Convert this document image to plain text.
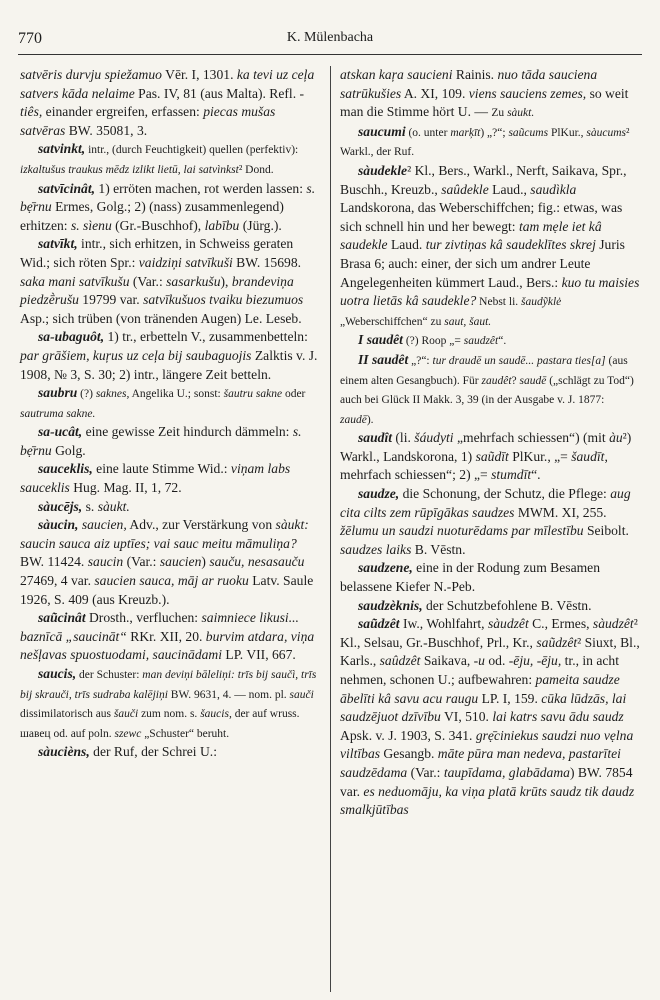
770	K. Mülenbacha

satvēris durvju spiežamuo Vēr. I, 1301. ka tevi uz ceļa satvers kāda nelaime Pas. IV, 81 (aus Malta). Refl. -tiês, einander ergreifen, erfassen: piecas mušas satvēras BW. 35081, 3.

satvinkt, intr., (durch Feuchtigkeit) quellen (perfektiv): izkaltušus traukus mēdz izlikt lietū, lai satvìnkst² Dond.

satvīcinât, 1) erröten machen, rot werden lassen: s. bẹ̄rnu Ermes, Golg.; 2) (nass) zusammenlegend) erhitzen: s. sìenu (Gr.-Buschhof), labību (Jürg.).

satvīkt, intr., sich erhitzen, in Schweiss geraten Wid.; sich röten Spr.: vaidziņi satvīkuši BW. 15698. saka mani satvīkušu (Var.: sasarkušu), brandeviņa piedzḕrušu 19799 var. satvīkušuos tvaiku biezumuos Asp.; sich trüben (von tränenden Augen) Le. Leseb.

sa-ubaguôt, 1) tr., erbetteln V., zusammenbetteln: par grāšiem, kuŗus uz ceļa bij saubaguojis Zalktis v. J. 1908, № 3, S. 30; 2) intr., längere Zeit betteln.

saubru (?) saknes, Angelika U.; sonst: šautru sakne oder sautruma sakne.

sa-ucât, eine gewisse Zeit hindurch dämmeln: s. bẹ̄rnu Golg.

sauceklis, eine laute Stimme Wid.: viņam labs sauceklis Hug. Mag. II, 1, 72.

sàucējs, s. sàukt.

sàucin, saucien, Adv., zur Verstärkung von sàukt: saucin sauca aiz uptīes; vai sauc meitu māmuliņa? BW. 11424. saucin (Var.: saucien) sauču, nesasauču 27469, 4 var. saucien sauca, māj ar ruoku Latv. Saule 1926, S. 409 (aus Kreuzb.).

saũcinât Drosth., verfluchen: saimniece likusi... baznīcā „saucināt“ RKr. XII, 20. burvim atdara, viņa nešļavas spuostuodami, saucinādami LP. VII, 667.

saucis, der Schuster: man deviņi bāleliņi: trīs bij saučì, trīs bij skrauči, trīs sudraba kalējiņi BW. 9631, 4. — nom. pl. sauči dissimilatorisch aus šauči zum nom. s. šaucis, der auf wruss. шавец od. auf poln. szewc „Schuster“ beruht.

sàucièns, der Ruf, der Schrei U.:

atskan kaŗa saucieni Rainis. nuo tāda sauciena satrūkušies A. XI, 109. viens sauciens zemes, so weit man die Stimme hört U. — Zu sàukt.

saucumi (o. unter marķīt) „?“; saũcums PlKur., sàucums² Warkl., der Ruf.

sàudekle² Kl., Bers., Warkl., Nerft, Saikava, Spr., Buschh., Kreuzb., saûdekle Laud., saudìkla Landskorona, das Weberschiffchen; fig.: etwas, was sich schnell hin und her bewegt: tam mẹle iet kâ saudekle Laud. tur zivtiņas kâ saudeklītes skrej Juris Brasa 6; auch: einer, der sich um andrer Leute Angelegenheiten kümmert Laud., Bers.: kuo tu maisies uotra lietās kâ saudekle? Nebst li. šaudỹklė „Weberschiffchen“ zu saut, šaut.

I saudêt (?) Roop „= saudzêt“.

II saudêt „?“: tur draudē un saudē... pastara ties[a] (aus einem alten Gesangbuch). Für zaudêt? saudē („schlägt zu Tod“) auch bei Glück II Makk. 3, 39 (in der Ausgabe v. J. 1877: zaudē).

saudît (li. šáudyti „mehrfach schiessen“) (mit àu²) Warkl., Landskorona, 1) saũdīt PlKur., „= šaudīt, mehrfach schiessen“; 2) „= stumdīt“.

saudze, die Schonung, der Schutz, die Pflege: aug cita cilts zem rūpīgākas saudzes MWM. XI, 255. žēlumu un saudzi nuoturēdams par mīlestību Seibolt. saudzes laiks B. Vēstn.

saudzene, eine in der Rodung zum Besamen belassene Kiefer N.-Peb.

saudzèknis, der Schutzbefohlene B. Vēstn.

saũdzêt Iw., Wohlfahrt, sàudzêt C., Ermes, sàudzêt² Kl., Selsau, Gr.-Buschhof, Prl., Kr., saũdzêt² Siuxt, Bl., Karls., saûdzêt Saikava, -u od. -ēju, -ēju, tr., in acht nehmen, schonen U.; aufbewahren: pameita saudze ābelīti kâ savu acu raugu LP. I, 159. cūka lūdzās, lai saudzējuot dzīvību VI, 510. lai katrs savu ādu saudz Apsk. v. J. 1903, S. 341. grẹ̄ciniekus saudzi nuo vẹlna viltības Gesangb. māte pūra man nedeva, pastarītei saudzēdama (Var.: taupīdama, glabādama) BW. 7854 var. es neduomāju, ka viņa platā krūts saudz tik daudz smalkjūtības
